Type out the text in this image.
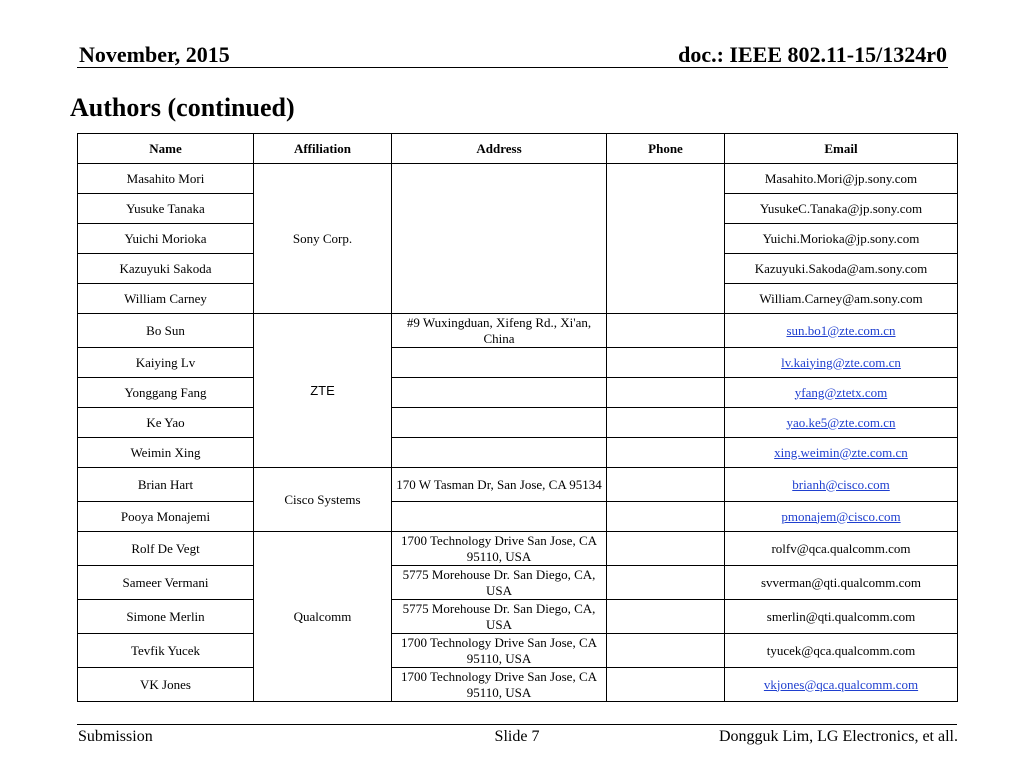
November, 2015	doc.: IEEE 802.11-15/1324r0
Authors (continued)
Name	Affiliation	Address	Phone	Email
Masahito Mori	Sony Corp.			Masahito.Mori@jp.sony.com
Yusuke Tanaka				YusukeC.Tanaka@jp.sony.com
Yuichi Morioka				Yuichi.Morioka@jp.sony.com
Kazuyuki Sakoda				Kazuyuki.Sakoda@am.sony.com
William Carney				William.Carney@am.sony.com
Bo Sun	ZTE	#9 Wuxingduan, Xifeng Rd., Xi'an, China		sun.bo1@zte.com.cn
Kaiying Lv				lv.kaiying@zte.com.cn
Yonggang Fang				yfang@ztetx.com
Ke Yao				yao.ke5@zte.com.cn
Weimin Xing				xing.weimin@zte.com.cn
Brian Hart	Cisco Systems	170 W Tasman Dr, San Jose, CA 95134		brianh@cisco.com
Pooya Monajemi				pmonajem@cisco.com
Rolf De Vegt	Qualcomm	1700 Technology Drive San Jose, CA 95110, USA		rolfv@qca.qualcomm.com
Sameer Vermani		5775 Morehouse Dr. San Diego, CA, USA		svverman@qti.qualcomm.com
Simone Merlin		5775 Morehouse Dr. San Diego, CA, USA		smerlin@qti.qualcomm.com
Tevfik Yucek		1700 Technology Drive San Jose, CA 95110, USA		tyucek@qca.qualcomm.com
VK Jones		1700 Technology Drive San Jose, CA 95110, USA		vkjones@qca.qualcomm.com
Submission	Slide 7	Dongguk Lim, LG Electronics, et all.
